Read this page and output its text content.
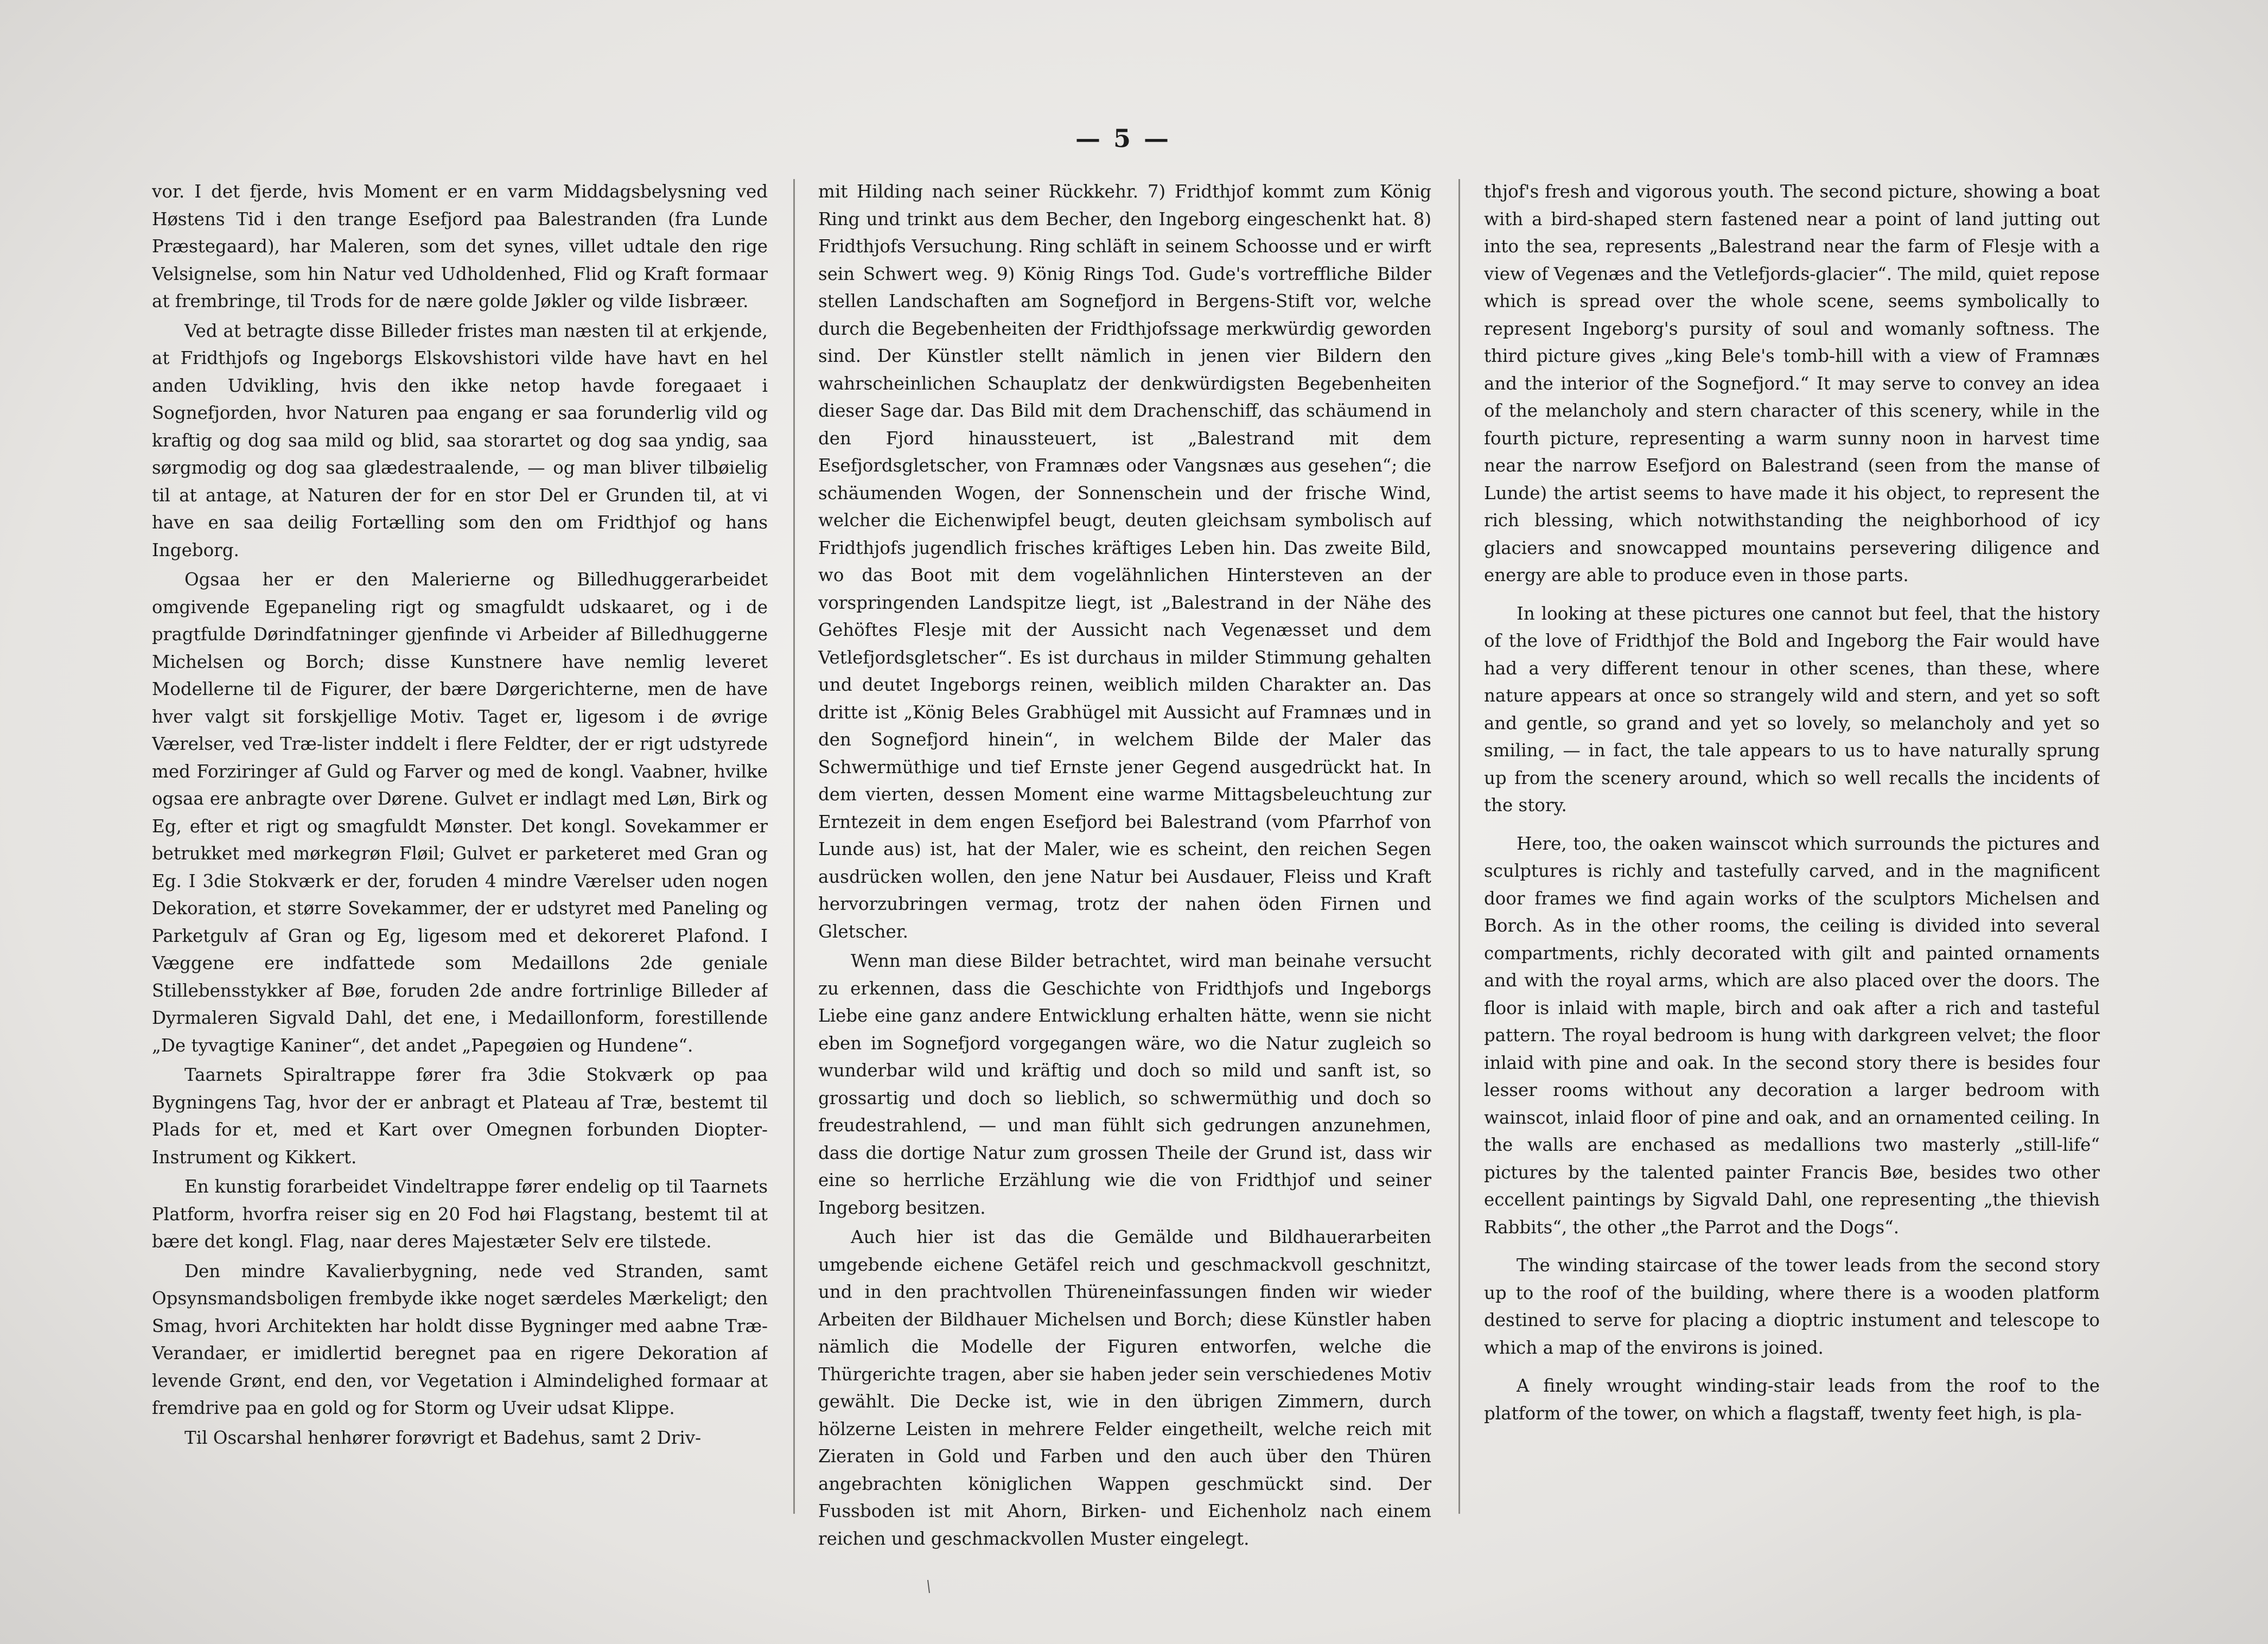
— 5 —

vor. I det fjerde, hvis Moment er en varm Middagsbelysning ved Høstens Tid i den trange Esefjord paa Balestranden (fra Lunde Præstegaard), har Maleren, som det synes, villet udtale den rige Velsignelse, som hin Natur ved Udholdenhed, Flid og Kraft formaar at frembringe, til Trods for de nære golde Jøkler og vilde Iisbræer.

Ved at betragte disse Billeder fristes man næsten til at erkjende, at Fridthjofs og Ingeborgs Elskovshistori vilde have havt en hel anden Udvikling, hvis den ikke netop havde foregaaet i Sognefjorden, hvor Naturen paa engang er saa forunderlig vild og kraftig og dog saa mild og blid, saa storartet og dog saa yndig, saa sørgmodig og dog saa glædestraalende, — og man bliver tilbøielig til at antage, at Naturen der for en stor Del er Grunden til, at vi have en saa deilig Fortælling som den om Fridthjof og hans Ingeborg.

Ogsaa her er den Malerierne og Billedhuggerarbeidet omgivende Egepaneling rigt og smagfuldt udskaaret, og i de pragtfulde Dørindfatninger gjenfinde vi Arbeider af Billedhuggerne Michelsen og Borch; disse Kunstnere have nemlig leveret Modellerne til de Figurer, der bære Dørgerichterne, men de have hver valgt sit forskjellige Motiv. Taget er, ligesom i de øvrige Værelser, ved Træ-lister inddelt i flere Feldter, der er rigt udstyrede med Forziringer af Guld og Farver og med de kongl. Vaabner, hvilke ogsaa ere anbragte over Dørene. Gulvet er indlagt med Løn, Birk og Eg, efter et rigt og smagfuldt Mønster. Det kongl. Sovekammer er betrukket med mørkegrøn Fløil; Gulvet er parketeret med Gran og Eg. I 3die Stokværk er der, foruden 4 mindre Værelser uden nogen Dekoration, et større Sovekammer, der er udstyret med Paneling og Parketgulv af Gran og Eg, ligesom med et dekoreret Plafond. I Væggene ere indfattede som Medaillons 2de geniale Stillebensstykker af Bøe, foruden 2de andre fortrinlige Billeder af Dyrmaleren Sigvald Dahl, det ene, i Medaillonform, forestillende „De tyvagtige Kaniner“, det andet „Papegøien og Hundene“.

Taarnets Spiraltrappe fører fra 3die Stokværk op paa Bygningens Tag, hvor der er anbragt et Plateau af Træ, bestemt til Plads for et, med et Kart over Omegnen forbunden Diopter-Instrument og Kikkert.

En kunstig forarbeidet Vindeltrappe fører endelig op til Taarnets Platform, hvorfra reiser sig en 20 Fod høi Flagstang, bestemt til at bære det kongl. Flag, naar deres Majestæter Selv ere tilstede.

Den mindre Kavalierbygning, nede ved Stranden, samt Opsynsmandsboligen frembyde ikke noget særdeles Mærkeligt; den Smag, hvori Architekten har holdt disse Bygninger med aabne Træ-Verandaer, er imidlertid beregnet paa en rigere Dekoration af levende Grønt, end den, vor Vegetation i Almindelighed formaar at fremdrive paa en gold og for Storm og Uveir udsat Klippe.

Til Oscarshal henhører forøvrigt et Badehus, samt 2 Driv-

mit Hilding nach seiner Rückkehr. 7) Fridthjof kommt zum König Ring und trinkt aus dem Becher, den Ingeborg eingeschenkt hat. 8) Fridthjofs Versuchung. Ring schläft in seinem Schoosse und er wirft sein Schwert weg. 9) König Rings Tod. Gude's vortreffliche Bilder stellen Landschaften am Sognefjord in Bergens-Stift vor, welche durch die Begebenheiten der Fridthjofssage merkwürdig geworden sind. Der Künstler stellt nämlich in jenen vier Bildern den wahrscheinlichen Schauplatz der denkwürdigsten Begebenheiten dieser Sage dar. Das Bild mit dem Drachenschiff, das schäumend in den Fjord hinaussteuert, ist „Balestrand mit dem Esefjordsgletscher, von Framnæs oder Vangsnæs aus gesehen“; die schäumenden Wogen, der Sonnenschein und der frische Wind, welcher die Eichenwipfel beugt, deuten gleichsam symbolisch auf Fridthjofs jugendlich frisches kräftiges Leben hin. Das zweite Bild, wo das Boot mit dem vogelähnlichen Hintersteven an der vorspringenden Landspitze liegt, ist „Balestrand in der Nähe des Gehöftes Flesje mit der Aussicht nach Vegenæsset und dem Vetlefjordsgletscher“. Es ist durchaus in milder Stimmung gehalten und deutet Ingeborgs reinen, weiblich milden Charakter an. Das dritte ist „König Beles Grabhügel mit Aussicht auf Framnæs und in den Sognefjord hinein“, in welchem Bilde der Maler das Schwermüthige und tief Ernste jener Gegend ausgedrückt hat. In dem vierten, dessen Moment eine warme Mittagsbeleuchtung zur Erntezeit in dem engen Esefjord bei Balestrand (vom Pfarrhof von Lunde aus) ist, hat der Maler, wie es scheint, den reichen Segen ausdrücken wollen, den jene Natur bei Ausdauer, Fleiss und Kraft hervorzubringen vermag, trotz der nahen öden Firnen und Gletscher.

Wenn man diese Bilder betrachtet, wird man beinahe versucht zu erkennen, dass die Geschichte von Fridthjofs und Ingeborgs Liebe eine ganz andere Entwicklung erhalten hätte, wenn sie nicht eben im Sognefjord vorgegangen wäre, wo die Natur zugleich so wunderbar wild und kräftig und doch so mild und sanft ist, so grossartig und doch so lieblich, so schwermüthig und doch so freudestrahlend, — und man fühlt sich gedrungen anzunehmen, dass die dortige Natur zum grossen Theile der Grund ist, dass wir eine so herrliche Erzählung wie die von Fridthjof und seiner Ingeborg besitzen.

Auch hier ist das die Gemälde und Bildhauerarbeiten umgebende eichene Getäfel reich und geschmackvoll geschnitzt, und in den prachtvollen Thüreneinfassungen finden wir wieder Arbeiten der Bildhauer Michelsen und Borch; diese Künstler haben nämlich die Modelle der Figuren entworfen, welche die Thürgerichte tragen, aber sie haben jeder sein verschiedenes Motiv gewählt. Die Decke ist, wie in den übrigen Zimmern, durch hölzerne Leisten in mehrere Felder eingetheilt, welche reich mit Zieraten in Gold und Farben und den auch über den Thüren angebrachten königlichen Wappen geschmückt sind. Der Fussboden ist mit Ahorn, Birken- und Eichenholz nach einem reichen und geschmackvollen Muster eingelegt.

thjof's fresh and vigorous youth. The second picture, showing a boat with a bird-shaped stern fastened near a point of land jutting out into the sea, represents „Balestrand near the farm of Flesje with a view of Vegenæs and the Vetlefjords-glacier“. The mild, quiet repose which is spread over the whole scene, seems symbolically to represent Ingeborg's pursity of soul and womanly softness. The third picture gives „king Bele's tomb-hill with a view of Framnæs and the interior of the Sognefjord.“ It may serve to convey an idea of the melancholy and stern character of this scenery, while in the fourth picture, representing a warm sunny noon in harvest time near the narrow Esefjord on Balestrand (seen from the manse of Lunde) the artist seems to have made it his object, to represent the rich blessing, which notwithstanding the neighborhood of icy glaciers and snowcapped mountains persevering diligence and energy are able to produce even in those parts.

In looking at these pictures one cannot but feel, that the history of the love of Fridthjof the Bold and Ingeborg the Fair would have had a very different tenour in other scenes, than these, where nature appears at once so strangely wild and stern, and yet so soft and gentle, so grand and yet so lovely, so melancholy and yet so smiling, — in fact, the tale appears to us to have naturally sprung up from the scenery around, which so well recalls the incidents of the story.

Here, too, the oaken wainscot which surrounds the pictures and sculptures is richly and tastefully carved, and in the magnificent door frames we find again works of the sculptors Michelsen and Borch. As in the other rooms, the ceiling is divided into several compartments, richly decorated with gilt and painted ornaments and with the royal arms, which are also placed over the doors. The floor is inlaid with maple, birch and oak after a rich and tasteful pattern. The royal bedroom is hung with darkgreen velvet; the floor inlaid with pine and oak. In the second story there is besides four lesser rooms without any decoration a larger bedroom with wainscot, inlaid floor of pine and oak, and an ornamented ceiling. In the walls are enchased as medallions two masterly „still-life“ pictures by the talented painter Francis Bøe, besides two other eccellent paintings by Sigvald Dahl, one representing „the thievish Rabbits“, the other „the Parrot and the Dogs“.

The winding staircase of the tower leads from the second story up to the roof of the building, where there is a wooden platform destined to serve for placing a dioptric instument and telescope to which a map of the environs is joined.

A finely wrought winding-stair leads from the roof to the platform of the tower, on which a flagstaff, twenty feet high, is pla-
